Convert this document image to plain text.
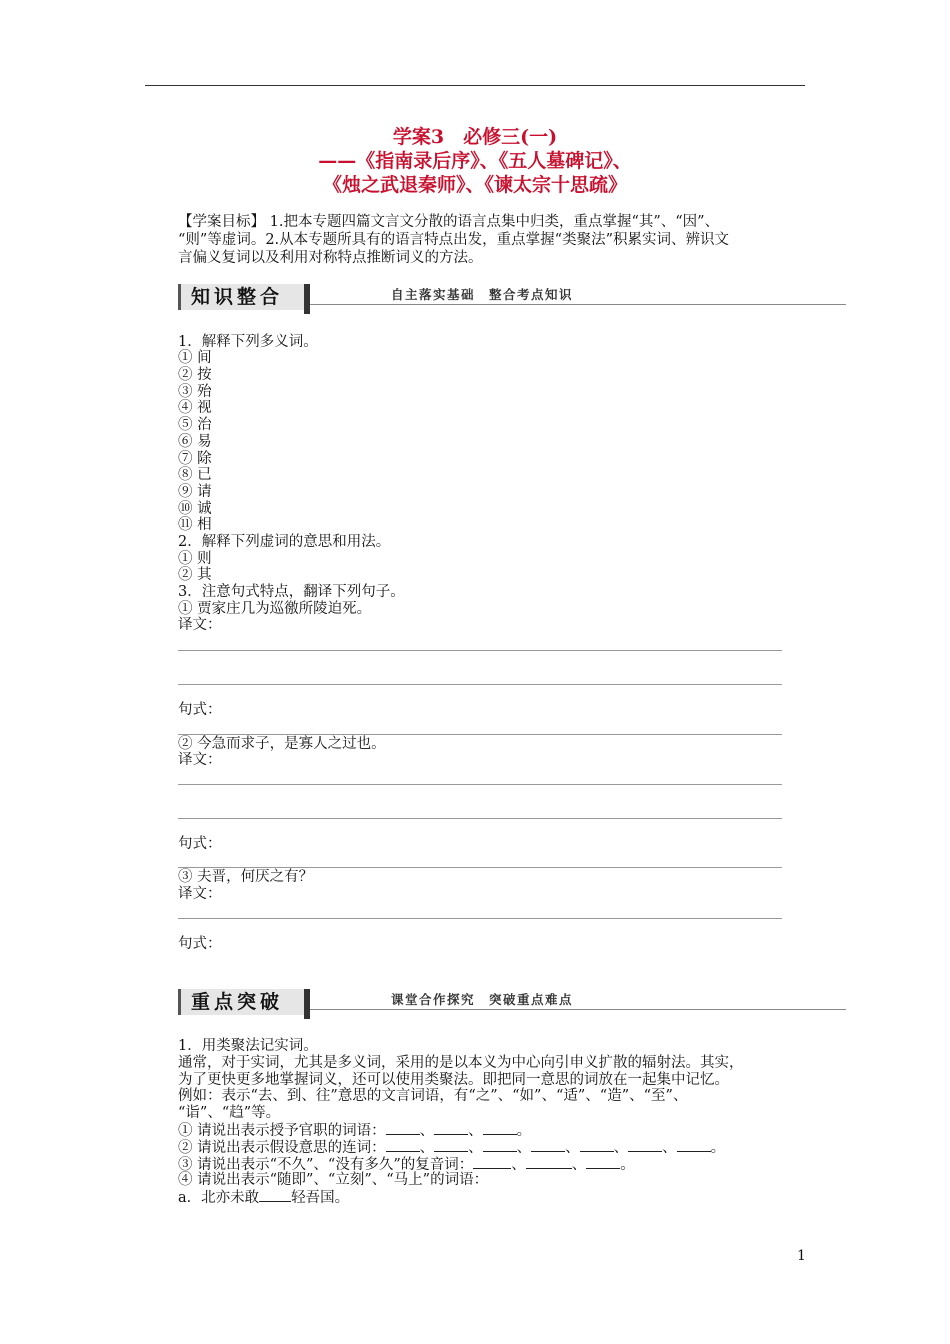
学案3　必修三(一)
——《指南录后序》、《五人墓碑记》、
《烛之武退秦师》、《谏太宗十思疏》
【学案目标】 1.把本专题四篇文言文分散的语言点集中归类，重点掌握“其”、“因”、
“则”等虚词。2.从本专题所具有的语言特点出发，重点掌握“类聚法”积累实词、辨识文
言偏义复词以及利用对称特点推断词义的方法。
知识整合	自主落实基础　整合考点知识
1．解释下列多义词。
① 间
② 按
③ 殆
④ 视
⑤ 治
⑥ 易
⑦ 除
⑧ 已
⑨ 请
⑩ 诚
⑪ 相
2．解释下列虚词的意思和用法。
① 则
② 其
3．注意句式特点，翻译下列句子。
① 贾家庄几为巡徼所陵迫死。
译文：
句式：
② 今急而求子，是寡人之过也。
译文：
句式：
③ 夫晋，何厌之有？
译文：
句式：
重点突破	课堂合作探究　突破重点难点
1．用类聚法记实词。
通常，对于实词，尤其是多义词，采用的是以本义为中心向引申义扩散的辐射法。其实，
为了更快更多地掌握词义，还可以使用类聚法。即把同一意思的词放在一起集中记忆。
例如：表示“去、到、往”意思的文言词语，有“之”、“如”、“适”、“造”、“至”、
“诣”、“趋”等。
① 请说出表示授予官职的词语： 、 、 。
② 请说出表示假设意思的连词： 、 、 、 、 、 、 。
③ 请说出表示“不久”、“没有多久”的复音词：	、	、 。
④ 请说出表示“随即”、“立刻”、“马上”的词语：
a．北亦未敢 轻吾国。
1
